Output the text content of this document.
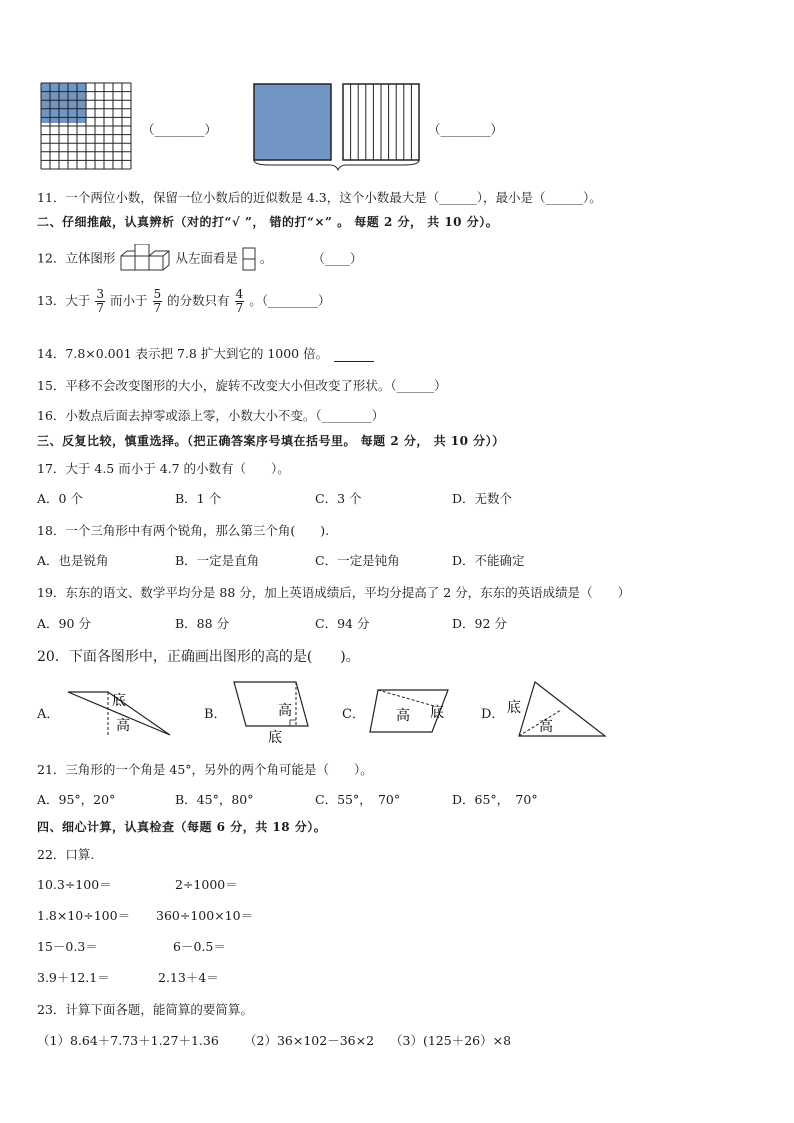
（________）	（________）
11．一个两位小数，保留一位小数后的近似数是 4.3，这个小数最大是（______），最小是（______）。
二、仔细推敲，认真辨析（对的打“√ ”， 错的打“×” 。 每题 2 分， 共 10 分）。
12．立体图形	从左面看是 。	（____）
13．大于 $\frac{3}{7}$ 而小于 $\frac{5}{7}$ 的分数只有 $\frac{4}{7}$ 。（________）
14．7.8×0.001 表示把 7.8 扩大到它的 1000 倍。
15．平移不会改变图形的大小，旋转不改变大小但改变了形状。（______）
16．小数点后面去掉零或添上零，小数大小不变。（________）
三、反复比较，慎重选择。（把正确答案序号填在括号里。 每题 2 分， 共 10 分））
17．大于 4.5 而小于 4.7 的小数有（　　）。
A．0 个	B．1 个	C．3 个	D．无数个
18．一个三角形中有两个锐角，那么第三个角(　　).
A．也是锐角	B．一定是直角	C．一定是钝角	D．不能确定
19．东东的语文、数学平均分是 88 分，加上英语成绩后，平均分提高了 2 分，东东的英语成绩是（　　）
A．90 分	B．88 分	C．94 分	D．92 分
20．下面各图形中，正确画出图形的高的是(　　)。
A．	B．	C．	D．
底
高
高
底
高 底	底
高
21．三角形的一个角是 45°，另外的两个角可能是（　　）。
A．95°，20°	B．45°，80°	C．55°，　70°	D．65°，　70°
四、细心计算，认真检查（每题 6 分，共 18 分）。
22．口算.
10.3÷100＝	2÷1000＝
1.8×10÷100＝ 360÷100×10＝
15－0.3＝	6－0.5＝
3.9＋12.1＝	2.13＋4＝
23．计算下面各题，能简算的要简算。
（1）8.64＋7.73＋1.27＋1.36 （2）36×102－36×2 （3）(125＋26）×8
